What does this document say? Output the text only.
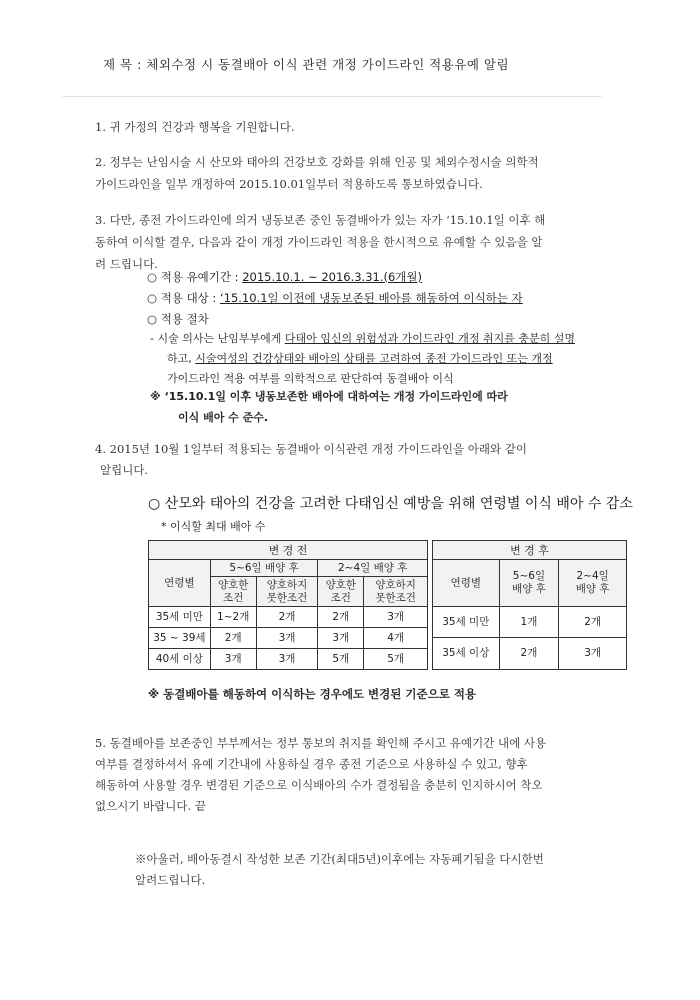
제 목 : 체외수정 시 동결배아 이식 관련 개정 가이드라인 적용유예 알림
1. 귀 가정의 건강과 행복을 기원합니다.
2. 정부는 난임시술 시 산모와 태아의 건강보호 강화를 위해 인공 및 체외수정시술 의학적
가이드라인을 일부 개정하여 2015.10.01일부터 적용하도록 통보하였습니다.
3. 다만, 종전 가이드라인에 의거 냉동보존 중인 동결배아가 있는 자가 ‘15.10.1일 이후 해
동하여 이식할 결우, 다음과 같이 개정 가이드라인 적용을 한시적으로 유예할 수 있음을 알
려 드립니다.
○ 적용 유예기간 : 2015.10.1. ~ 2016.3.31.(6개월)
○ 적용 대상 : ‘15.10.1일 이전에 냉동보존된 배아를 해동하여 이식하는 자
○ 적용 절차
- 시술 의사는 난임부부에게 다태아 임신의 위험성과 가이드라인 개정 취지를 충분히 설명
하고, 시술여성의 건강상태와 배아의 상태를 고려하여 종전 가이드라인 또는 개정
가이드라인 적용 여부를 의학적으로 판단하여 동결배아 이식
※ ‘15.10.1일 이후 냉동보존한 배아에 대하여는 개정 가이드라인에 따라
이식 배아 수 준수.
4. 2015년 10월 1일부터 적용되는 동결배아 이식관련 개정 가이드라인을 아래와 같이
알립니다.
○ 산모와 태아의 건강을 고려한 다태임신 예방을 위해 연령별 이식 배아 수 감소
* 이식할 최대 배아 수
변 경 전				
연령별	5~6일 배양 후		2~4일 배양 후	
	양호한
조건	양호하지
못한조건	양호한
조건	양호하지
못한조건
35세 미만	1~2개	2개	2개	3개
35 ~ 39세	2개	3개	3개	4개
40세 이상	3개	3개	5개	5개
변 경 후		
연령별	5~6일
배양 후	2~4일
배양 후
35세 미만	1개	2개
35세 이상	2개	3개
※ 동결배아를 해동하여 이식하는 경우에도 변경된 기준으로 적용
5. 동결배아를 보존중인 부부께서는 정부 통보의 취지를 확인해 주시고 유예기간 내에 사용
여부를 결정하셔서 유예 기간내에 사용하실 경우 종전 기준으로 사용하실 수 있고, 향후
해동하여 사용할 경우 변경된 기준으로 이식배아의 수가 결정됨을 충분히 인지하시어 착오
없으시기 바랍니다. 끝
※아울러, 배아동결시 작성한 보존 기간(최대5년)이후에는 자동폐기됨을 다시한번
알려드립니다.
